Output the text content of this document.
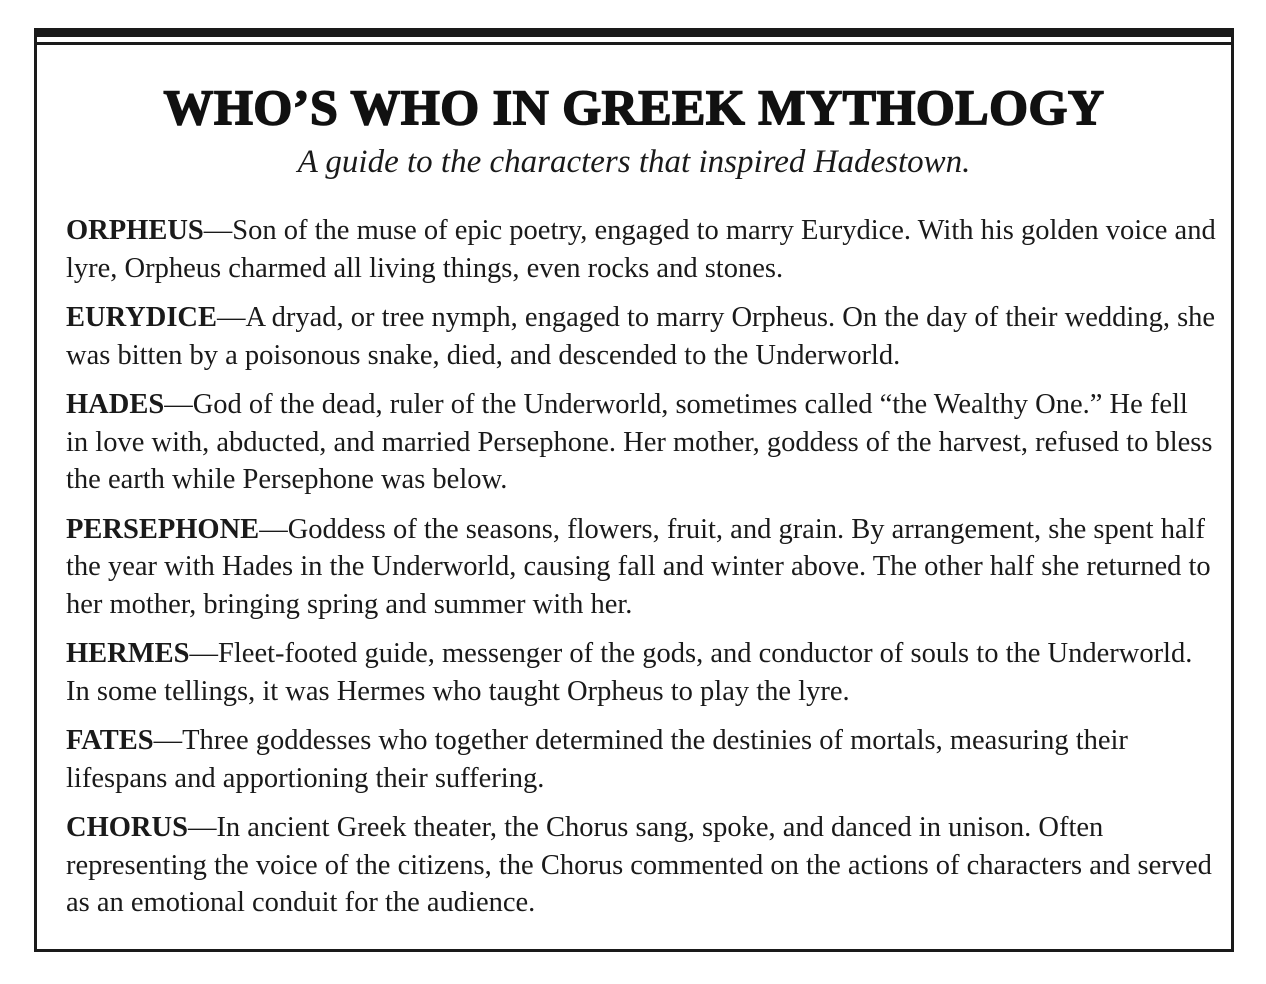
WHO’S WHO IN GREEK MYTHOLOGY

A guide to the characters that inspired Hadestown.

ORPHEUS—Son of the muse of epic poetry, engaged to marry Eurydice. With his golden voice and lyre, Orpheus charmed all living things, even rocks and stones.

EURYDICE—A dryad, or tree nymph, engaged to marry Orpheus. On the day of their wedding, she was bitten by a poisonous snake, died, and descended to the Underworld.

HADES—God of the dead, ruler of the Underworld, sometimes called “the Wealthy One.” He fell in love with, abducted, and married Persephone. Her mother, goddess of the harvest, refused to bless the earth while Persephone was below.

PERSEPHONE—Goddess of the seasons, flowers, fruit, and grain. By arrangement, she spent half the year with Hades in the Underworld, causing fall and winter above. The other half she returned to her mother, bringing spring and summer with her.

HERMES—Fleet-footed guide, messenger of the gods, and conductor of souls to the Underworld. In some tellings, it was Hermes who taught Orpheus to play the lyre.

FATES—Three goddesses who together determined the destinies of mortals, measuring their lifespans and apportioning their suffering.

CHORUS—In ancient Greek theater, the Chorus sang, spoke, and danced in unison. Often representing the voice of the citizens, the Chorus commented on the actions of characters and served as an emotional conduit for the audience.
